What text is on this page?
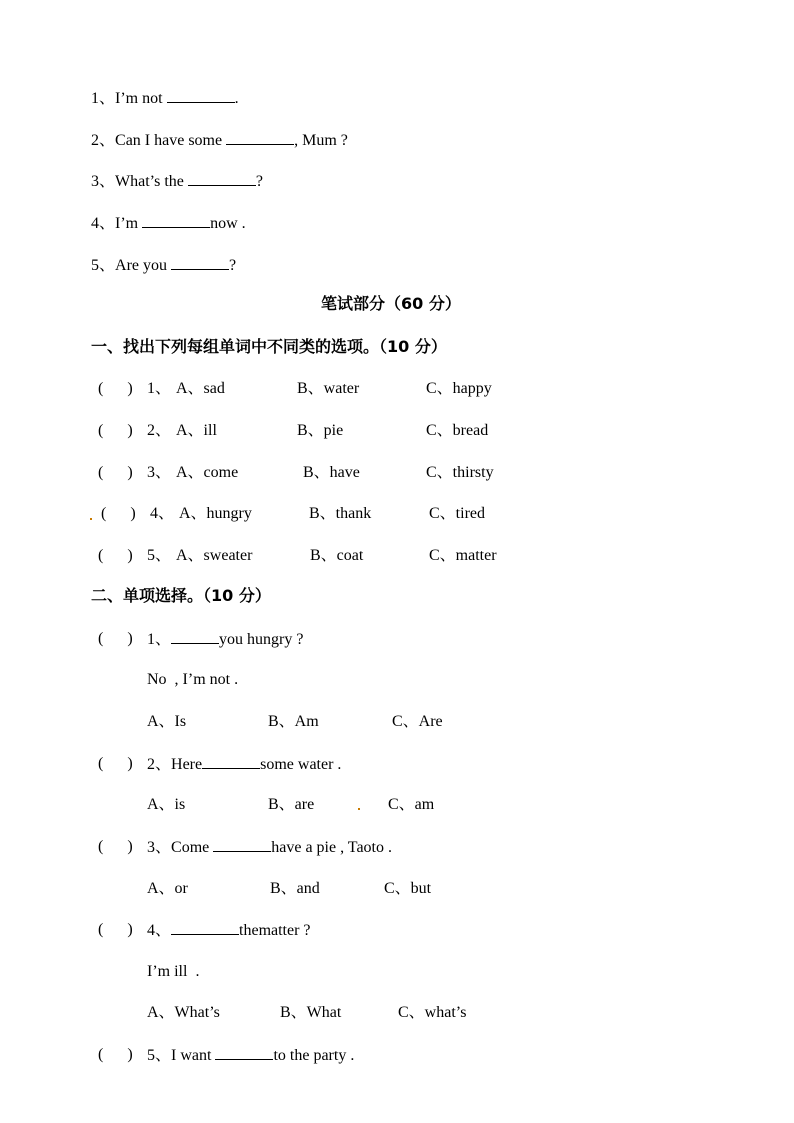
1、I’m not	.
2、Can I have some	, Mum ?
3、What’s the	?
4、I’m	now .
5、Are you	?
笔试部分（60 分）
一、找出下列每组单词中不同类的选项。（10 分）
(      ) 1、 A、sad	B、water	C、happy
(      ) 2、 A、ill	B、pie	C、bread
(      ) 3、 A、come	B、have	C、thirsty
(      ) 4、 A、hungry	B、thank	C、tired
(      ) 5、 A、sweater	B、coat	C、matter
二、单项选择。（10 分）
(      ) 1、	you hungry ?
No  , I’m not .
A、Is	B、Am	C、Are
(      ) 2、Here	some water .
A、is	B、are	C、am
(      ) 3、Come	have a pie , Taoto .
A、or	B、and	C、but
(      ) 4、	thematter ?
I’m ill  .
A、What’s	B、What	C、what’s
(      ) 5、I want	to the party .
